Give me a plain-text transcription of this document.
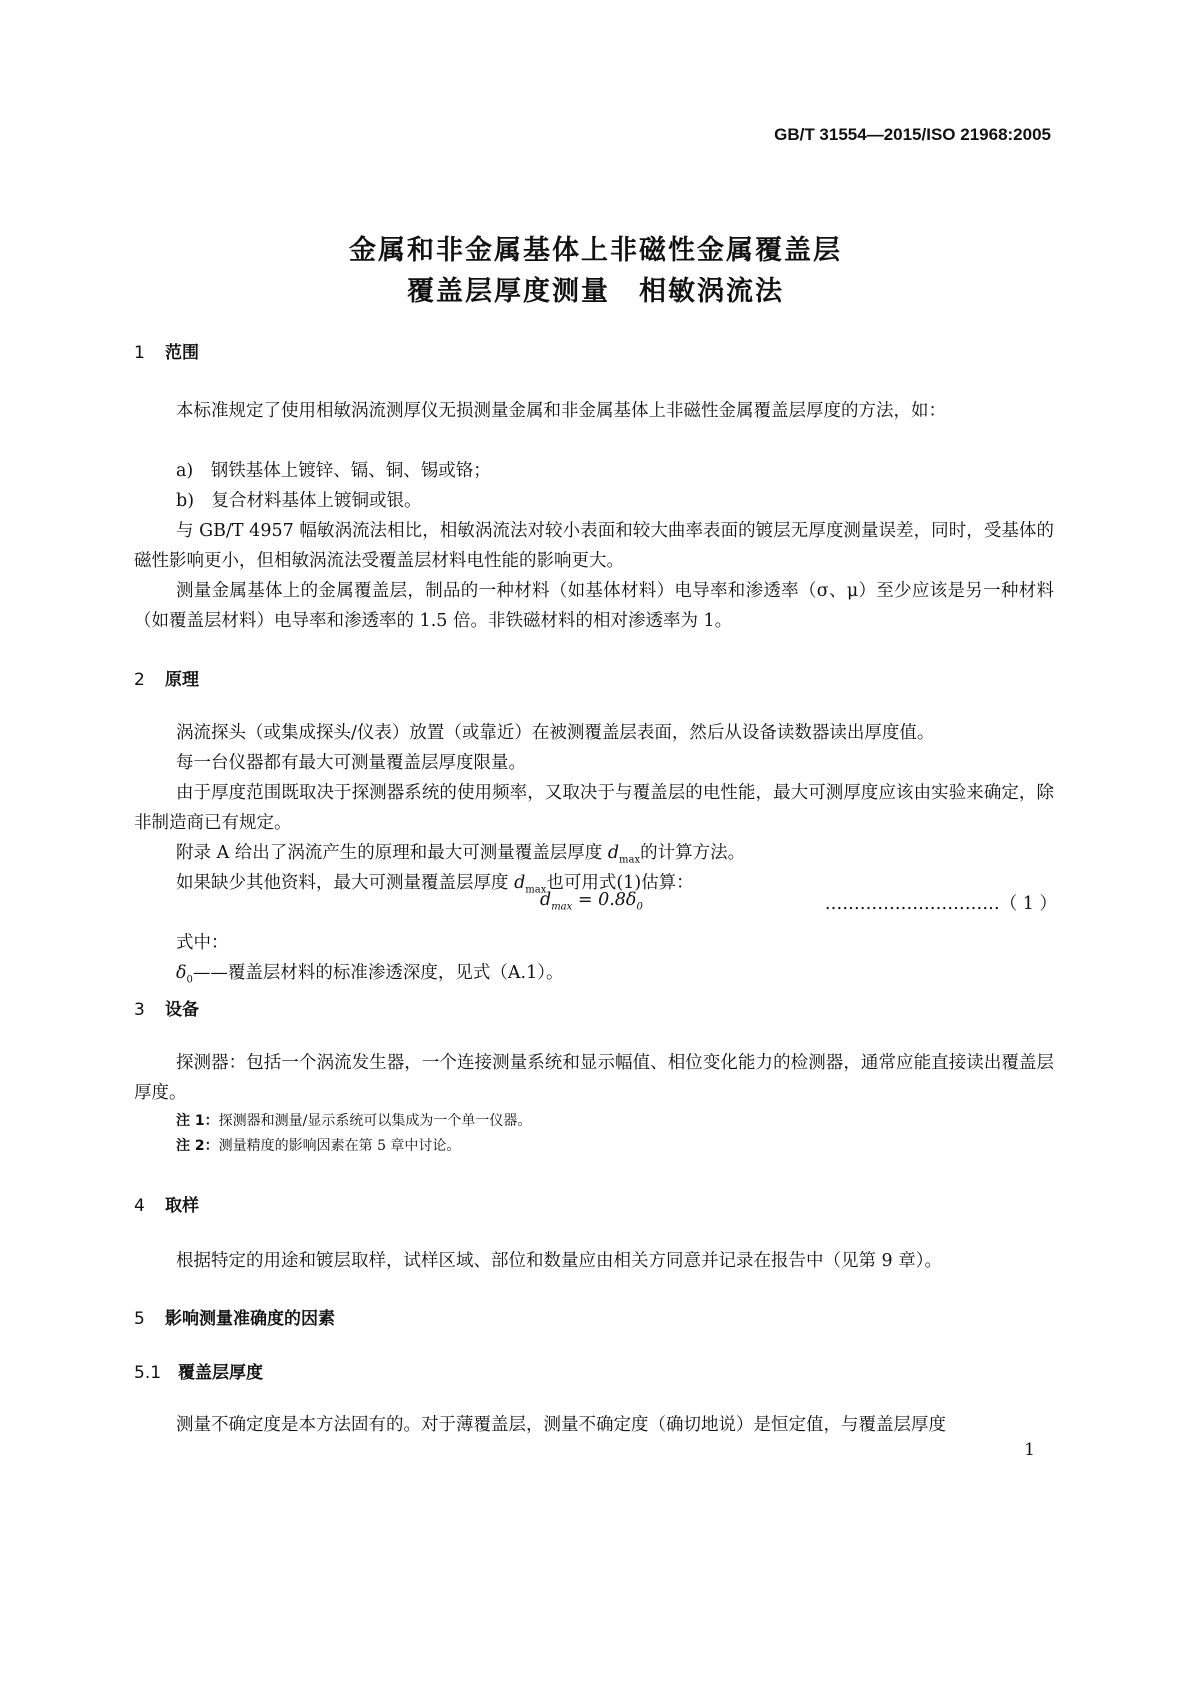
GB/T 31554—2015/ISO 21968:2005
金属和非金属基体上非磁性金属覆盖层
覆盖层厚度测量　相敏涡流法
1 范围
本标准规定了使用相敏涡流测厚仪无损测量金属和非金属基体上非磁性金属覆盖层厚度的方法，如：
a)　钢铁基体上镀锌、镉、铜、锡或铬；
b)　复合材料基体上镀铜或银。
与 GB/T 4957 幅敏涡流法相比，相敏涡流法对较小表面和较大曲率表面的镀层无厚度测量误差，同时，受基体的磁性影响更小，但相敏涡流法受覆盖层材料电性能的影响更大。
测量金属基体上的金属覆盖层，制品的一种材料（如基体材料）电导率和渗透率（σ、μ）至少应该是另一种材料（如覆盖层材料）电导率和渗透率的 1.5 倍。非铁磁材料的相对渗透率为 1。
2 原理
涡流探头（或集成探头/仪表）放置（或靠近）在被测覆盖层表面，然后从设备读数器读出厚度值。
每一台仪器都有最大可测量覆盖层厚度限量。
由于厚度范围既取决于探测器系统的使用频率，又取决于与覆盖层的电性能，最大可测厚度应该由实验来确定，除非制造商已有规定。
附录 A 给出了涡流产生的原理和最大可测量覆盖层厚度 $d_{max}$的计算方法。
如果缺少其他资料，最大可测量覆盖层厚度 $d_{max}$也可用式(1)估算：
$d_{max} = 0.8\delta_0$	…………………………（ 1 ）
式中：
$\delta_0——$覆盖层材料的标准渗透深度，见式（A.1）。
3 设备
探测器：包括一个涡流发生器，一个连接测量系统和显示幅值、相位变化能力的检测器，通常应能直接读出覆盖层厚度。
注 1：探测器和测量/显示系统可以集成为一个单一仪器。
注 2：测量精度的影响因素在第 5 章中讨论。
4 取样
根据特定的用途和镀层取样，试样区域、部位和数量应由相关方同意并记录在报告中（见第 9 章）。
5 影响测量准确度的因素
5.1 覆盖层厚度
测量不确定度是本方法固有的。对于薄覆盖层，测量不确定度（确切地说）是恒定值，与覆盖层厚度
1
